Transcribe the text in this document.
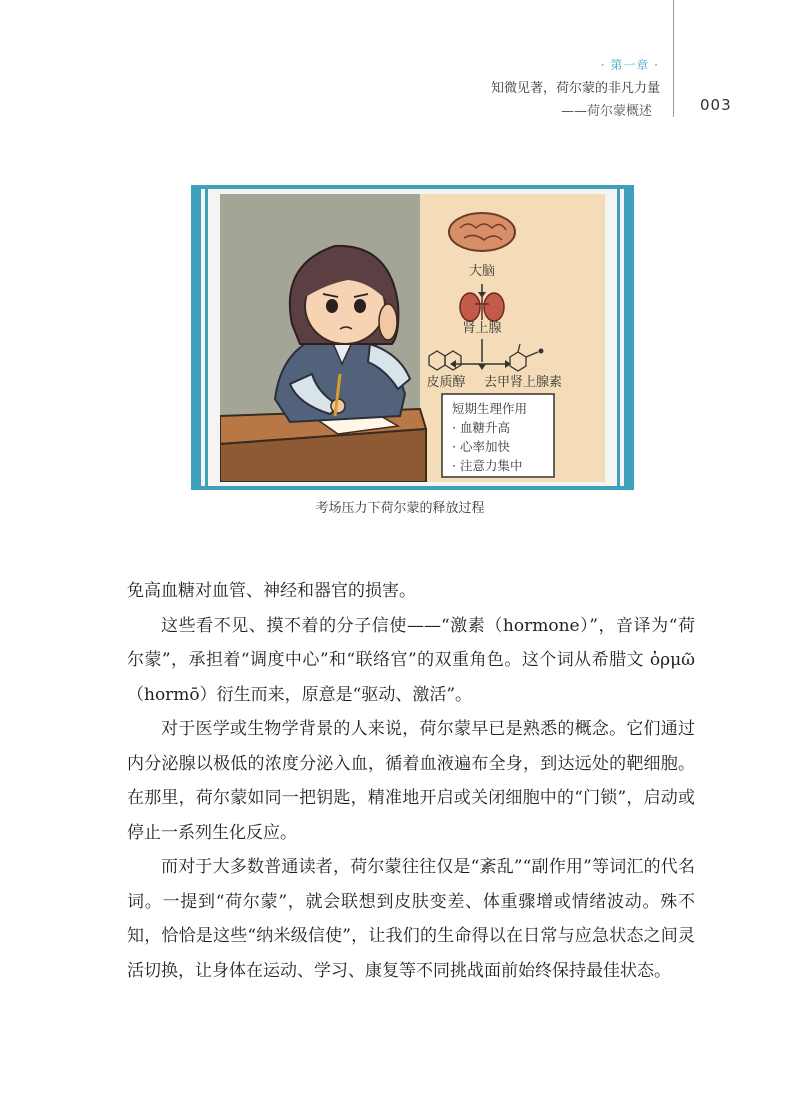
· 第一章 ·
知微见著，荷尔蒙的非凡力量
——荷尔蒙概述	003
大脑
肾上腺
皮质醇 去甲肾上腺素
短期生理作用
· 血糖升高
· 心率加快
· 注意力集中
考场压力下荷尔蒙的释放过程

免高血糖对血管、神经和器官的损害。

这些看不见、摸不着的分子信使——“激素（hormone）”，音译为“荷尔蒙”，承担着“调度中心”和“联络官”的双重角色。这个词从希腊文 ὁρμῶ（hormō）衍生而来，原意是“驱动、激活”。

对于医学或生物学背景的人来说，荷尔蒙早已是熟悉的概念。它们通过内分泌腺以极低的浓度分泌入血，循着血液遍布全身，到达远处的靶细胞。在那里，荷尔蒙如同一把钥匙，精准地开启或关闭细胞中的“门锁”，启动或停止一系列生化反应。

而对于大多数普通读者，荷尔蒙往往仅是“紊乱”“副作用”等词汇的代名词。一提到“荷尔蒙”，就会联想到皮肤变差、体重骤增或情绪波动。殊不知，恰恰是这些“纳米级信使”，让我们的生命得以在日常与应急状态之间灵活切换，让身体在运动、学习、康复等不同挑战面前始终保持最佳状态。
